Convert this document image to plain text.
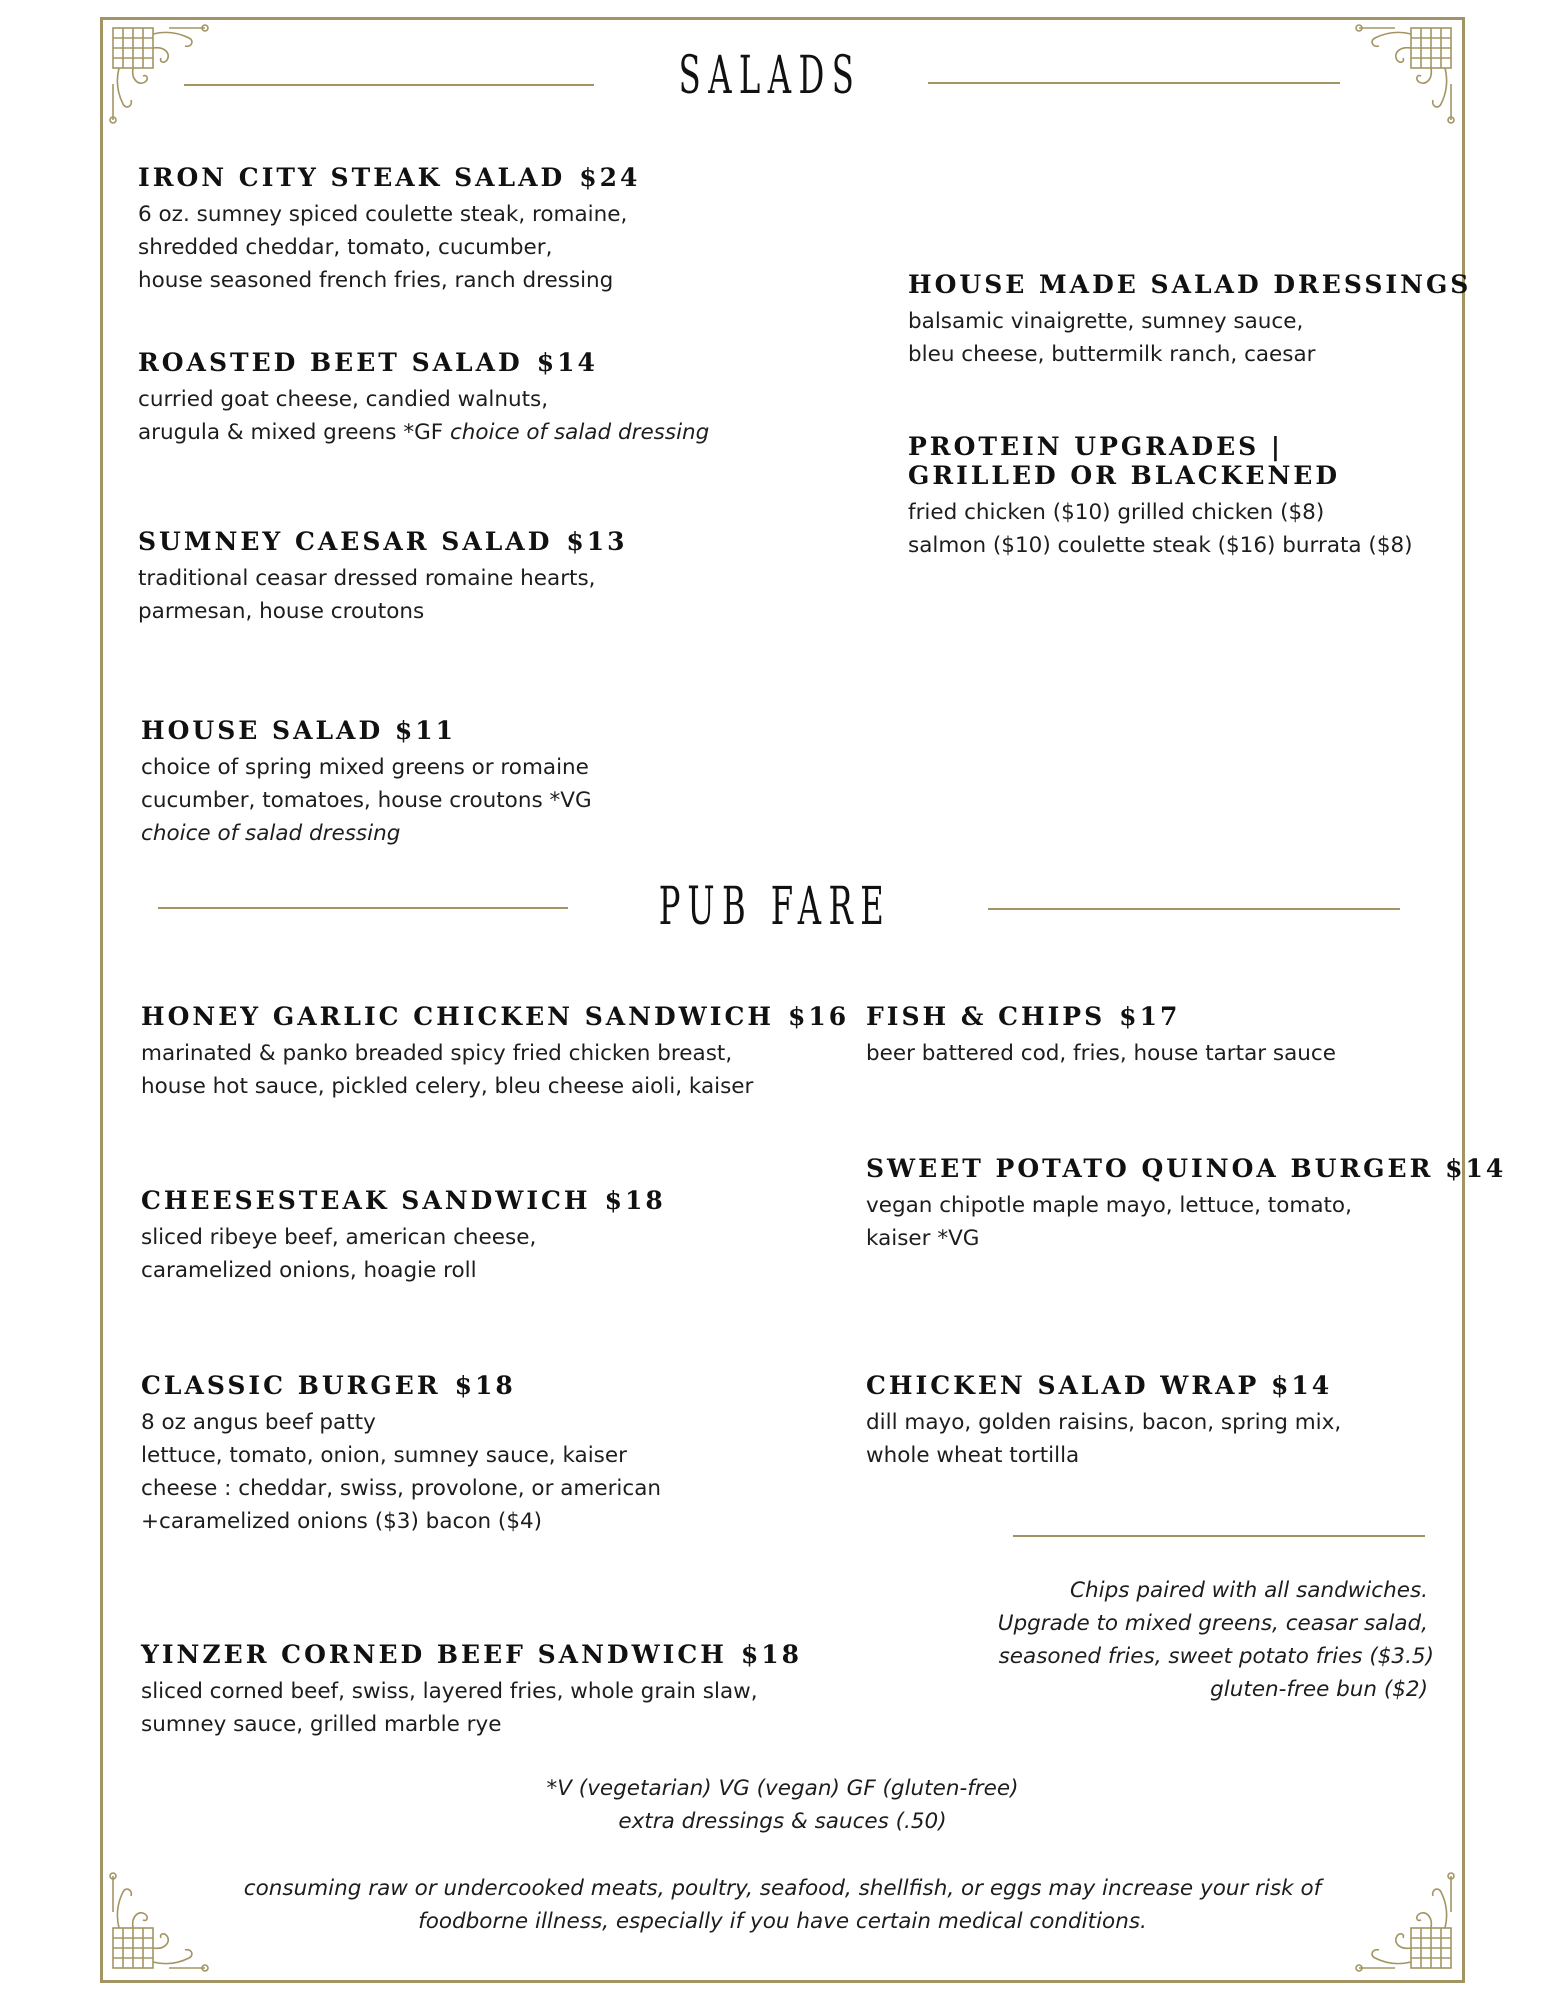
SALADS
IRON CITY STEAK SALAD $24

6 oz. sumney spiced coulette steak, romaine,

shredded cheddar, tomato, cucumber,

house seasoned french fries, ranch dressing

ROASTED BEET SALAD $14

curried goat cheese, candied walnuts,

arugula & mixed greens *GF choice of salad dressing

SUMNEY CAESAR SALAD $13

traditional ceasar dressed romaine hearts,

parmesan, house croutons

HOUSE SALAD $11

choice of spring mixed greens or romaine

cucumber, tomatoes, house croutons *VG

choice of salad dressing

HOUSE MADE SALAD DRESSINGS

balsamic vinaigrette, sumney sauce,

bleu cheese, buttermilk ranch, caesar

PROTEIN UPGRADES |
GRILLED OR BLACKENED

fried chicken ($10) grilled chicken ($8)

salmon ($10) coulette steak ($16) burrata ($8)

PUB FARE
HONEY GARLIC CHICKEN SANDWICH $16

marinated & panko breaded spicy fried chicken breast,

house hot sauce, pickled celery, bleu cheese aioli, kaiser

CHEESESTEAK SANDWICH $18

sliced ribeye beef, american cheese,

caramelized onions, hoagie roll

CLASSIC BURGER $18

8 oz angus beef patty

lettuce, tomato, onion, sumney sauce, kaiser

cheese : cheddar, swiss, provolone, or american

+caramelized onions ($3) bacon ($4)

YINZER CORNED BEEF SANDWICH $18

sliced corned beef, swiss, layered fries, whole grain slaw,

sumney sauce, grilled marble rye

FISH & CHIPS $17

beer battered cod, fries, house tartar sauce

SWEET POTATO QUINOA BURGER $14

vegan chipotle maple mayo, lettuce, tomato,

kaiser *VG

CHICKEN SALAD WRAP $14

dill mayo, golden raisins, bacon, spring mix,

whole wheat tortilla

Chips paired with all sandwiches.
Upgrade to mixed greens, ceasar salad,
seasoned fries, sweet potato fries ($3.5)
gluten-free bun ($2)
*V (vegetarian) VG (vegan) GF (gluten-free)
extra dressings & sauces (.50)
consuming raw or undercooked meats, poultry, seafood, shellfish, or eggs may increase your risk of
foodborne illness, especially if you have certain medical conditions.
